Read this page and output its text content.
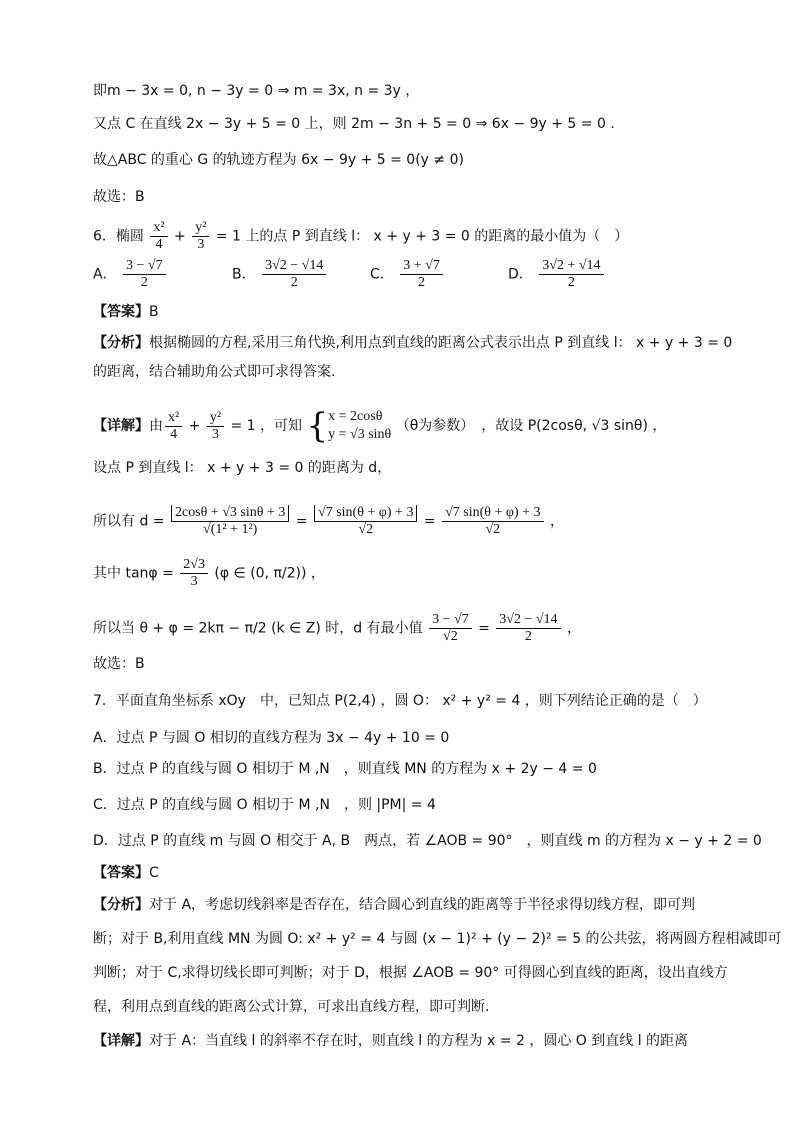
即m − 3x = 0, n − 3y = 0 ⇒ m = 3x, n = 3y ，
又点 C 在直线 2x − 3y + 5 = 0 上，则 2m − 3n + 5 = 0 ⇒ 6x − 9y + 5 = 0 .
故△ABC 的重心 G 的轨迹方程为 6x − 9y + 5 = 0(y ≠ 0)
故选：B
6．椭圆 $\frac{\text{x²}}{4} + \frac{\text{y²}}{3} = 1$ 上的点 P 到直线 l： x + y + 3 = 0 的距离的最小值为（　）
A． $\frac{3 - √7}{2}$	B． $\frac{3√2 - √14}{2}$	C． $\frac{3 + √7}{2}$	D． $\frac{3√2 + √14}{2}$
【答案】B
【分析】根据椭圆的方程,采用三角代换,利用点到直线的距离公式表示出点 P 到直线 l： x + y + 3 = 0
的距离，结合辅助角公式即可求得答案.
【详解】由 $\frac{\text{x²}}{4} + \frac{\text{y²}}{3} = 1$ ，可知 { x = 2cosθ
y = √3 sinθ
（θ为参数）　，故设 P(2cosθ, √3 sinθ) ，
设点 P 到直线 l： x + y + 3 = 0 的距离为 d，
所以有 $d = \frac{2\cos\theta + √3 \sin\theta + 3}{\text{√(1² + 1²)}} = \frac{√7 \sin(\theta + \varphi) + 3}{√2} = \frac{√7 \sin(\theta + \varphi) + 3}{√2}$ ，
其中 $\tan\varphi = \frac{2√3}{3} (\varphi$ ∈ (0, π/2)) ，
所以当 θ + φ = 2kπ − π/2 (k ∈ Z) 时，d 有最小值 $\frac{3 - √7}{√2} = \frac{3√2 - √14}{2}$ ，
故选：B
7．平面直角坐标系 xOy　中，已知点 P(2,4) ，圆 O： x² + y² = 4 ，则下列结论正确的是（　）
A．过点 P 与圆 O 相切的直线方程为 3x − 4y + 10 = 0
B．过点 P 的直线与圆 O 相切于 M ,N　，则直线 MN 的方程为 x + 2y − 4 = 0
C．过点 P 的直线与圆 O 相切于 M ,N　，则 |PM| = 4
D．过点 P 的直线 m 与圆 O 相交于 A, B　两点，若 ∠AOB = 90°　，则直线 m 的方程为 x − y + 2 = 0
【答案】C
【分析】对于 A，考虑切线斜率是否存在，结合圆心到直线的距离等于半径求得切线方程，即可判
断；对于 B,利用直线 MN 为圆 O: x² + y² = 4 与圆 (x − 1)² + (y − 2)² = 5 的公共弦，将两圆方程相减即可
判断；对于 C,求得切线长即可判断；对于 D，根据 ∠AOB = 90° 可得圆心到直线的距离，设出直线方
程，利用点到直线的距离公式计算，可求出直线方程，即可判断.
【详解】对于 A：当直线 l 的斜率不存在时，则直线 l 的方程为 x = 2 ，圆心 O 到直线 l 的距离
